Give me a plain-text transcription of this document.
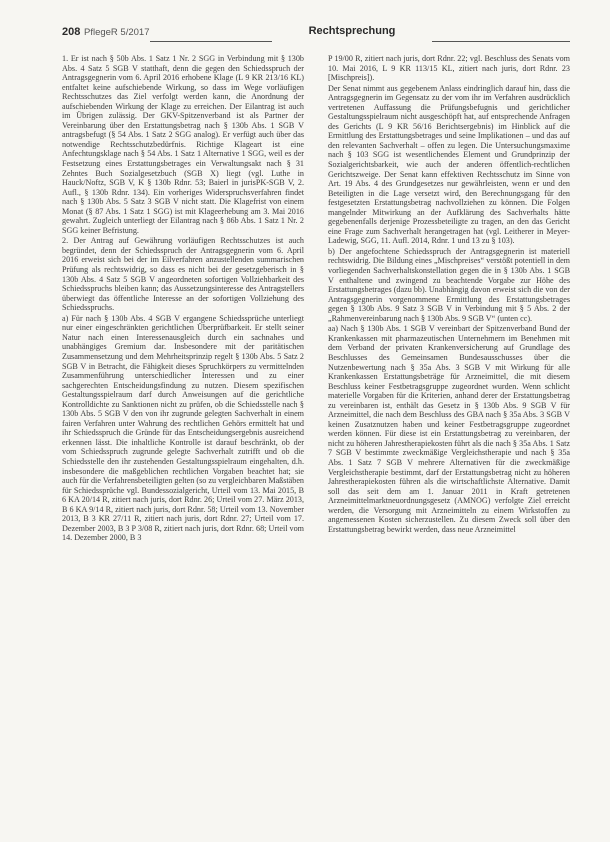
208 PflegeR 5/2017	Rechtsprechung

1. Er ist nach § 50b Abs. 1 Satz 1 Nr. 2 SGG in Verbindung mit § 130b Abs. 4 Satz 5 SGB V statthaft, denn die gegen den Schiedsspruch der Antragsgegnerin vom 6. April 2016 erhobene Klage (L 9 KR 213/16 KL) entfaltet keine aufschiebende Wirkung, so dass im Wege vorläufigen Rechtsschutzes das Ziel verfolgt werden kann, die Anordnung der aufschiebenden Wirkung der Klage zu erreichen. Der Eilantrag ist auch im Übrigen zulässig. Der GKV-Spitzenverband ist als Partner der Vereinbarung über den Erstattungsbetrag nach § 130b Abs. 1 SGB V antragsbefugt (§ 54 Abs. 1 Satz 2 SGG analog). Er verfügt auch über das notwendige Rechtsschutzbedürfnis. Richtige Klageart ist eine Anfechtungsklage nach § 54 Abs. 1 Satz 1 Alternative 1 SGG, weil es der Festsetzung eines Erstattungsbetrages ein Verwaltungsakt nach § 31 Zehntes Buch Sozialgesetzbuch (SGB X) liegt (vgl. Luthe in Hauck/Noftz, SGB V, K § 130b Rdnr. 53; Baierl in jurisPK-SGB V, 2. Aufl., § 130b Rdnr. 134). Ein vorheriges Widerspruchsverfahren findet nach § 130b Abs. 5 Satz 3 SGB V nicht statt. Die Klagefrist von einem Monat (§ 87 Abs. 1 Satz 1 SGG) ist mit Klageerhebung am 3. Mai 2016 gewahrt. Zugleich unterliegt der Eilantrag nach § 86b Abs. 1 Satz 1 Nr. 2 SGG keiner Befristung.

2. Der Antrag auf Gewährung vorläufigen Rechtsschutzes ist auch begründet, denn der Schiedsspruch der Antragsgegnerin vom 6. April 2016 erweist sich bei der im Eilverfahren anzustellenden summarischen Prüfung als rechtswidrig, so dass es nicht bei der gesetzgeberisch in § 130b Abs. 4 Satz 5 SGB V angeordneten sofortigen Vollziehbarkeit des Schiedsspruchs bleiben kann; das Aussetzungsinteresse des Antragstellers überwiegt das öffentliche Interesse an der sofortigen Vollziehung des Schiedsspruchs.

a) Für nach § 130b Abs. 4 SGB V ergangene Schiedssprüche unterliegt nur einer eingeschränkten gerichtlichen Überprüfbarkeit. Er stellt seiner Natur nach einen Interessenausgleich durch ein sachnahes und unabhängiges Gremium dar. Insbesondere mit der paritätischen Zusammensetzung und dem Mehrheitsprinzip regelt § 130b Abs. 5 Satz 2 SGB V in Betracht, die Fähigkeit dieses Spruchkörpers zu vermittelnden Zusammenführung unterschiedlicher Interessen und zu einer sachgerechten Entscheidungsfindung zu nutzen. Diesem spezifischen Gestaltungsspielraum darf durch Anweisungen auf die gerichtliche Kontrolldichte zu Sanktionen nicht zu prüfen, ob die Schiedsstelle nach § 130b Abs. 5 SGB V den von ihr zugrunde gelegten Sachverhalt in einem fairen Verfahren unter Wahrung des rechtlichen Gehörs ermittelt hat und ihr Schiedsspruch die Gründe für das Entscheidungsergebnis ausreichend erkennen lässt. Die inhaltliche Kontrolle ist darauf beschränkt, ob der vom Schiedsspruch zugrunde gelegte Sachverhalt zutrifft und ob die Schiedsstelle den ihr zustehenden Gestaltungsspielraum eingehalten, d.h. insbesondere die maßgeblichen rechtlichen Vorgaben beachtet hat; sie auch für die Verfahrensbeteiligten gelten (so zu vergleichbaren Maßstäben für Schiedssprüche vgl. Bundessozialgericht, Urteil vom 13. Mai 2015, B 6 KA 20/14 R, zitiert nach juris, dort Rdnr. 26; Urteil vom 27. März 2013, B 6 KA 9/14 R, zitiert nach juris, dort Rdnr. 58; Urteil vom 13. November 2013, B 3 KR 27/11 R, zitiert nach juris, dort Rdnr. 27; Urteil vom 17. Dezember 2003, B 3 P 3/08 R, zitiert nach juris, dort Rdnr. 68; Urteil vom 14. Dezember 2000, B 3

P 19/00 R, zitiert nach juris, dort Rdnr. 22; vgl. Beschluss des Senats vom 10. Mai 2016, L 9 KR 113/15 KL, zitiert nach juris, dort Rdnr. 23 [Mischpreis]).

Der Senat nimmt aus gegebenem Anlass eindringlich darauf hin, dass die Antragsgegnerin im Gegensatz zu der vom ihr im Verfahren ausdrücklich vertretenen Auffassung die Prüfungsbefugnis und gerichtlicher Gestaltungsspielraum nicht ausgeschöpft hat, auf entsprechende Anfragen des Gerichts (L 9 KR 56/16 Berichtsergebnis) im Hinblick auf die Ermittlung des Erstattungsbetrages und seine Implikationen – und das auf den relevanten Sachverhalt – offen zu legen. Die Untersuchungsmaxime nach § 103 SGG ist wesentlichendes Element und Grundprinzip der Sozialgerichtsbarkeit, wie auch der anderen öffentlich-rechtlichen Gerichtszweige. Der Senat kann effektiven Rechtsschutz im Sinne von Art. 19 Abs. 4 des Grundgesetzes nur gewährleisten, wenn er und den Beteiligten in die Lage versetzt wird, den Berechnungsgang für den festgesetzten Erstattungsbetrag nachvollziehen zu können. Die Folgen mangelnder Mitwirkung an der Aufklärung des Sachverhalts hätte gegebenenfalls derjenige Prozessbeteiligte zu tragen, an den das Gericht eine Frage zum Sachverhalt herangetragen hat (vgl. Leitherer in Meyer-Ladewig, SGG, 11. Aufl. 2014, Rdnr. 1 und 13 zu § 103).

b) Der angefochtene Schiedsspruch der Antragsgegnerin ist materiell rechtswidrig. Die Bildung eines „Mischpreises“ verstößt potentiell in dem vorliegenden Sachverhaltskonstellation gegen die in § 130b Abs. 1 SGB V enthaltene und zwingend zu beachtende Vorgabe zur Höhe des Erstattungsbetrages (dazu bb). Unabhängig davon erweist sich die von der Antragsgegnerin vorgenommene Ermittlung des Erstattungsbetrages gegen § 130b Abs. 9 Satz 3 SGB V in Verbindung mit § 5 Abs. 2 der „Rahmenvereinbarung nach § 130b Abs. 9 SGB V“ (unten cc).

aa) Nach § 130b Abs. 1 SGB V vereinbart der Spitzenverband Bund der Krankenkassen mit pharmazeutischen Unternehmern im Benehmen mit dem Verband der privaten Krankenversicherung auf Grundlage des Beschlusses des Gemeinsamen Bundesausschusses über die Nutzenbewertung nach § 35a Abs. 3 SGB V mit Wirkung für alle Krankenkassen Erstattungsbeträge für Arzneimittel, die mit diesem Beschluss keiner Festbetragsgruppe zugeordnet wurden. Wenn schlicht materielle Vorgaben für die Kriterien, anhand derer der Erstattungsbetrag zu vereinbaren ist, enthält das Gesetz in § 130b Abs. 9 SGB V für Arzneimittel, die nach dem Beschluss des GBA nach § 35a Abs. 3 SGB V keinen Zusatznutzen haben und keiner Festbetragsgruppe zugeordnet werden können. Für diese ist ein Erstattungsbetrag zu vereinbaren, der nicht zu höheren Jahrestherapiekosten führt als die nach § 35a Abs. 1 Satz 7 SGB V bestimmte zweckmäßige Vergleichstherapie und nach § 35a Abs. 1 Satz 7 SGB V mehrere Alternativen für die zweckmäßige Vergleichstherapie bestimmt, darf der Erstattungsbetrag nicht zu höheren Jahrestherapiekosten führen als die wirtschaftlichste Alternative. Damit soll das seit dem am 1. Januar 2011 in Kraft getretenen Arzneimittelmarktneuordnungsgesetz (AMNOG) verfolgte Ziel erreicht werden, die Versorgung mit Arzneimitteln zu einem Wirkstoffen zu angemessenen Kosten sicherzustellen. Zu diesem Zweck soll über den Erstattungsbetrag bewirkt werden, dass neue Arzneimittel
